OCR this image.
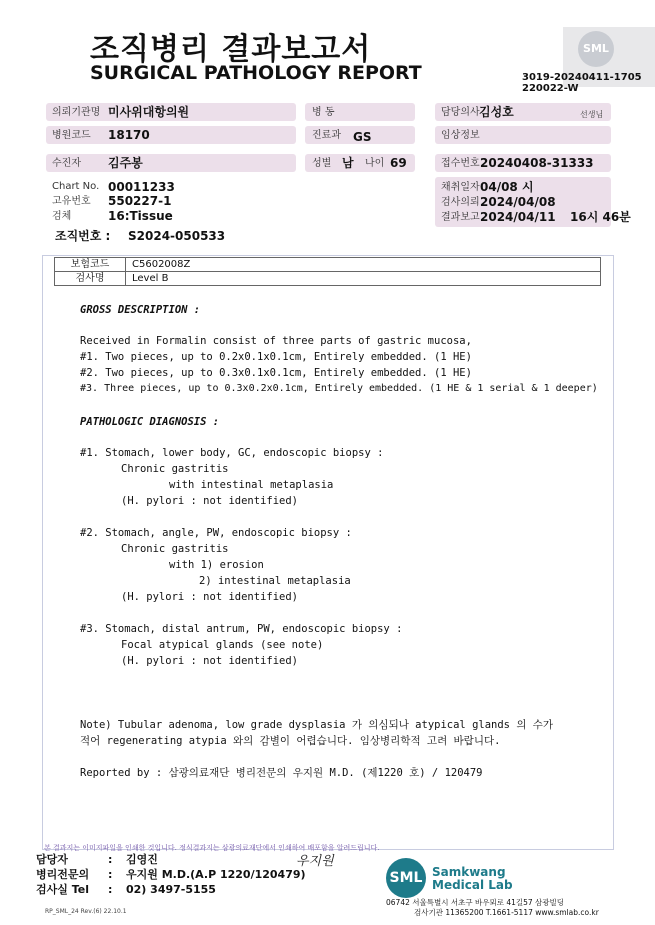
조직병리 결과보고서
SURGICAL PATHOLOGY REPORT
SML
3019-20240411-1705
220022-W
의뢰기관명 미사위대항의원	병 동	담당의사 김성호	선생님
병원코드 18170	진료과 GS	임상정보
수진자 김주봉	성별 남 나이 69	접수번호 20240408-31333
Chart No. 00011233
고유번호 550227-1
검체	16:Tissue
채취일자 04/08 시
검사의뢰 2024/04/08
결과보고 2024/04/11 16시 46분
조직번호 : S2024-050533
보험코드	C5602008Z
검사명	Level B
GROSS DESCRIPTION :
Received in Formalin consist of three parts of gastric mucosa,
#1. Two pieces, up to 0.2x0.1x0.1cm, Entirely embedded. (1 HE)
#2. Two pieces, up to 0.3x0.1x0.1cm, Entirely embedded. (1 HE)
#3. Three pieces, up to 0.3x0.2x0.1cm, Entirely embedded. (1 HE & 1 serial & 1 deeper)
PATHOLOGIC DIAGNOSIS :
#1. Stomach, lower body, GC, endoscopic biopsy :
Chronic gastritis
with intestinal metaplasia
(H. pylori : not identified)
#2. Stomach, angle, PW, endoscopic biopsy :
Chronic gastritis
with 1) erosion
2) intestinal metaplasia
(H. pylori : not identified)
#3. Stomach, distal antrum, PW, endoscopic biopsy :
Focal atypical glands (see note)
(H. pylori : not identified)
Note) Tubular adenoma, low grade dysplasia 가 의심되나 atypical glands 의 수가
적어 regenerating atypia 와의 감별이 어렵습니다. 임상병리학적 고려 바랍니다.
Reported by : 삼광의료재단 병리전문의 우지원 M.D. (제1220 호) / 120479
본 결과지는 이미지파일을 인쇄한 것입니다. 정식결과지는 삼광의료재단에서 인쇄하여 배포함을 알려드립니다.
담당자	: 김영진
병리전문의 : 우지원 M.D.(A.P 1220/120479)
검사실 Tel : 02) 3497-5155
우지원
SML Samkwang
Medical Lab
06742 서울특별시 서초구 바우뫼로 41길57 삼광빌딩
검사기관 11365200 T.1661-5117 www.smlab.co.kr
RP_SML_24 Rev.(6) 22.10.1
